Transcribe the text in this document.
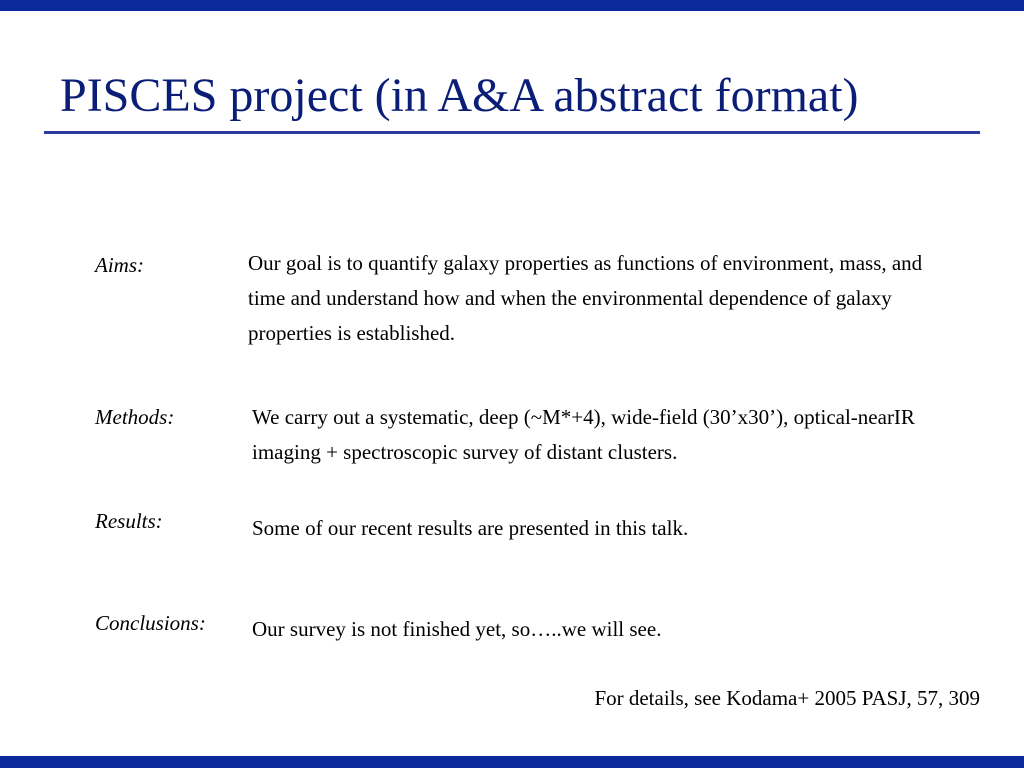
PISCES project (in A&A abstract format)
Aims:	Our goal is to quantify galaxy properties as functions of environment, mass, and time and understand how and when the environmental dependence of galaxy properties is established.

Methods:	We carry out a systematic, deep (~M*+4), wide-field (30’x30’), optical-nearIR imaging + spectroscopic survey of distant clusters.

Results:	Some of our recent results are presented in this talk.

Conclusions: Our survey is not finished yet, so…..we will see.

For details, see Kodama+ 2005 PASJ, 57, 309
